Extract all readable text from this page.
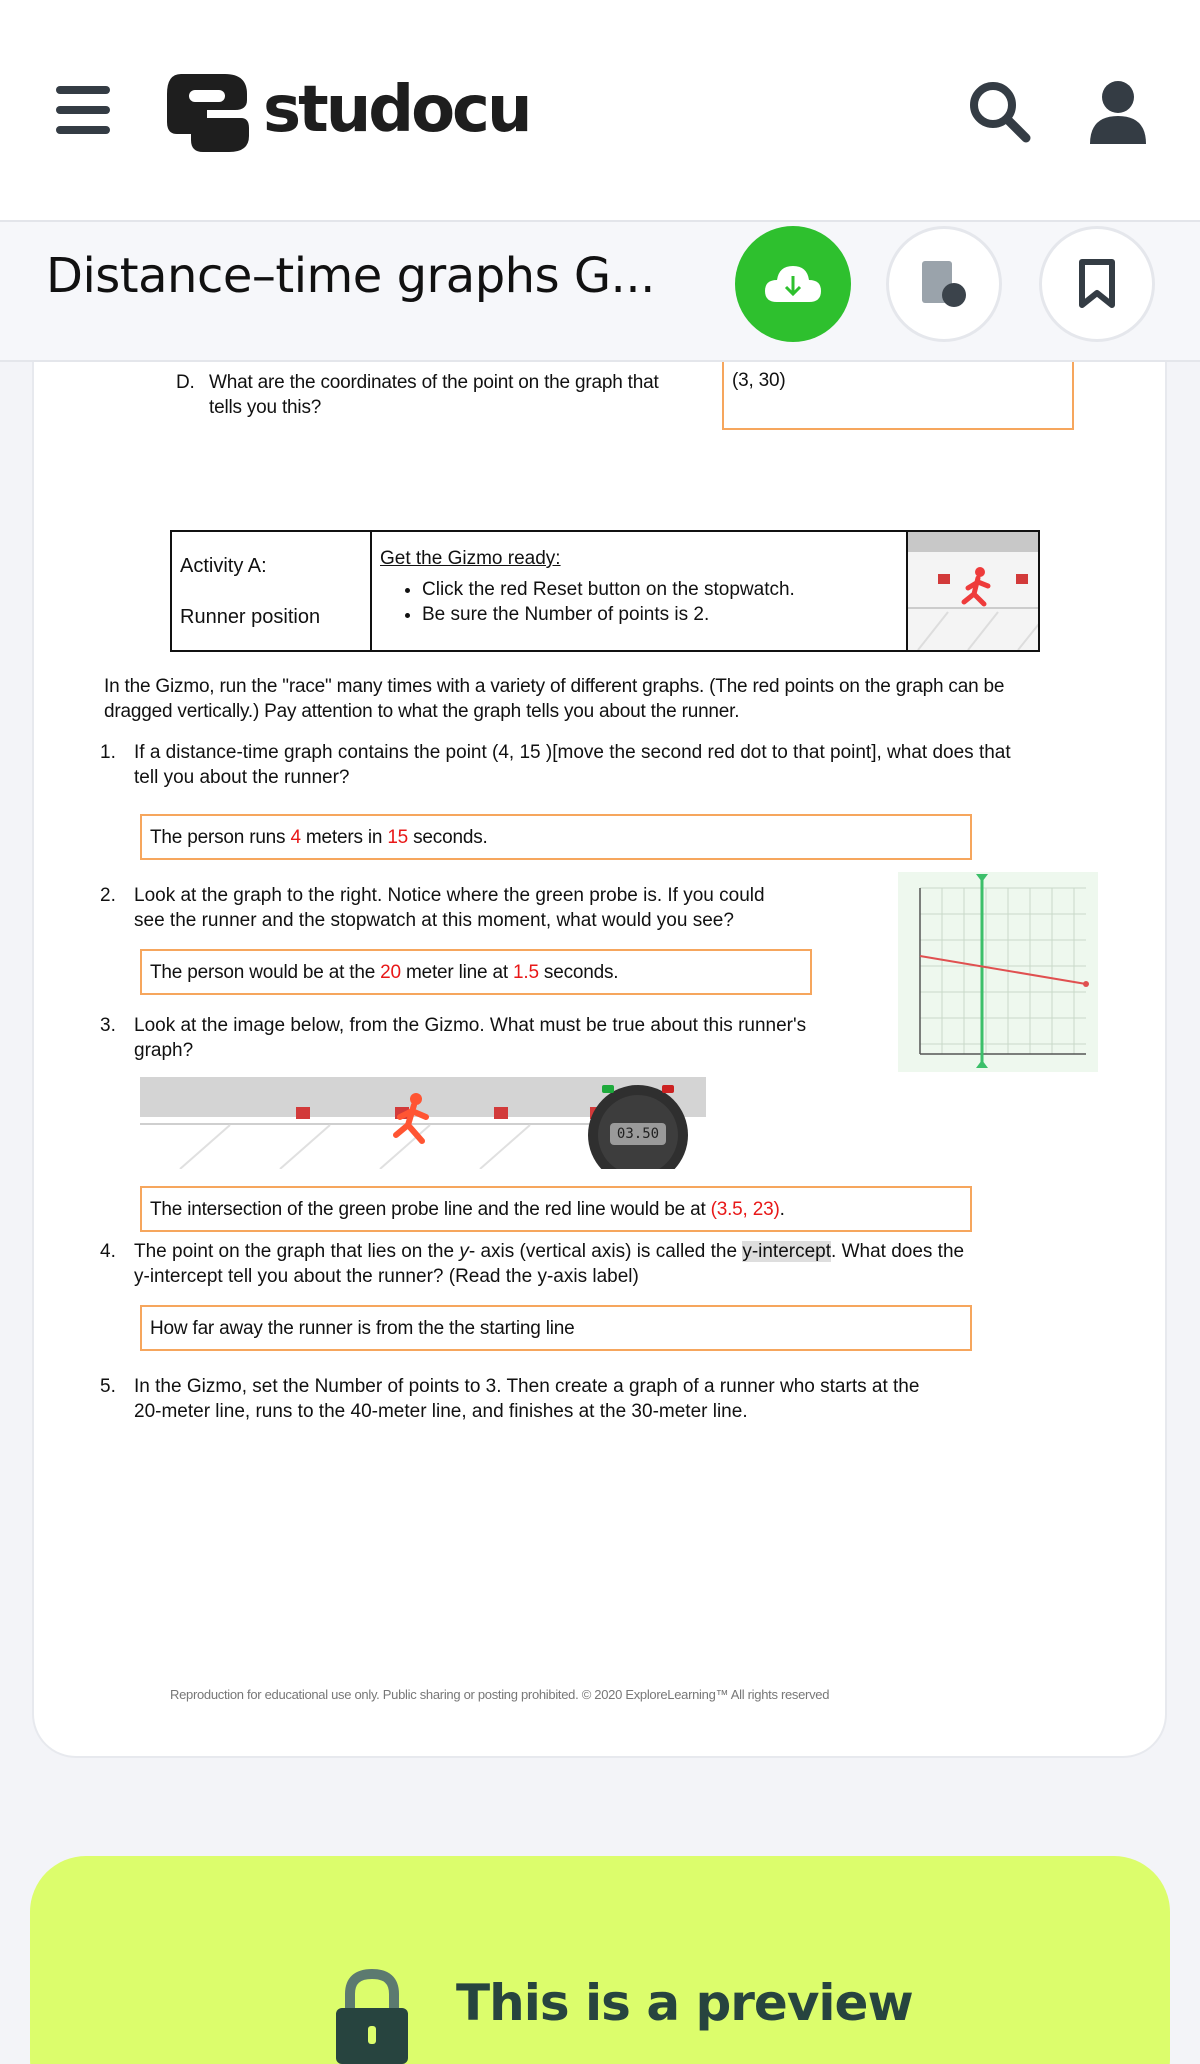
studocu
D. What are the coordinates of the point on the graph that
tells you this?
(3, 30)
Activity A:
Runner position
Get the Gizmo ready:
• Click the red Reset button on the stopwatch.
• Be sure the Number of points is 2.
In the Gizmo, run the "race" many times with a variety of different graphs. (The red points on the graph can be
dragged vertically.) Pay attention to what the graph tells you about the runner.
1. If a distance-time graph contains the point (4, 15 )[move the second red dot to that point], what does that
tell you about the runner?
The person runs 4 meters in 15 seconds.
2. Look at the graph to the right. Notice where the green probe is. If you could
see the runner and the stopwatch at this moment, what would you see?
The person would be at the 20 meter line at 1.5 seconds.
3. Look at the image below, from the Gizmo. What must be true about this runner's
graph?
03.50
The intersection of the green probe line and the red line would be at (3.5, 23).
4. The point on the graph that lies on the y- axis (vertical axis) is called the y-intercept. What does the
y-intercept tell you about the runner? (Read the y-axis label)
How far away the runner is from the the starting line
5. In the Gizmo, set the Number of points to 3. Then create a graph of a runner who starts at the
20-meter line, runs to the 40-meter line, and finishes at the 30-meter line.
Reproduction for educational use only. Public sharing or posting prohibited. © 2020 ExploreLearning™ All rights reserved
Distance–time graphs G...
This is a preview
